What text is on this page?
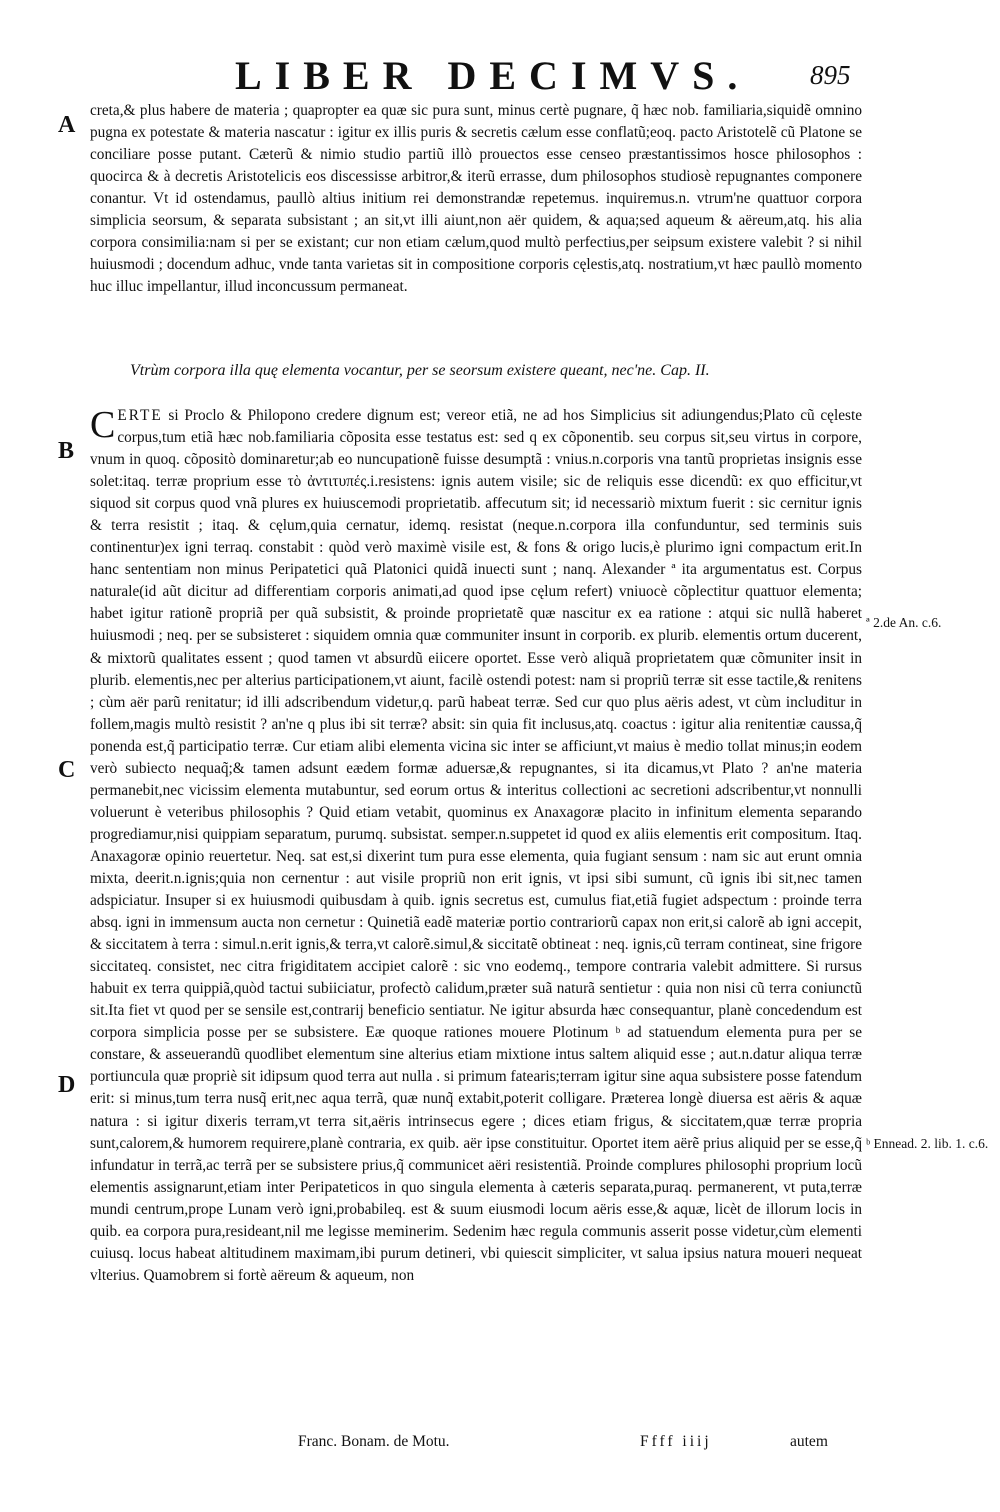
LIBER DECIMVS. 895
A
B
C
D

creta,& plus habere de materia ; quapropter ea quæ sic pura sunt, minus certè pugnare, q̃ hæc nob. familiaria,siquidẽ omnino pugna ex potestate & materia nascatur : igitur ex illis puris & secretis cælum esse conflatũ;eoq. pacto Aristotelẽ cũ Platone se conciliare posse putant. Cæterũ & nimio studio partiũ illò prouectos esse censeo præstantissimos hosce philosophos : quocirca & à decretis Aristotelicis eos discessisse arbitror,& iterũ errasse, dum philosophos studiosè repugnantes componere conantur. Vt id ostendamus, paullò altius initium rei demonstrandæ repetemus. inquiremus.n. vtrum'ne quattuor corpora simplicia seorsum, & separata subsistant ; an sit,vt illi aiunt,non aër quidem, & aqua;sed aqueum & aëreum,atq. his alia corpora consimilia:nam si per se existant; cur non etiam cælum,quod multò perfectius,per seipsum existere valebit ? si nihil huiusmodi ; docendum adhuc, vnde tanta varietas sit in compositione corporis cęlestis,atq. nostratium,vt hæc paullò momento huc illuc impellantur, illud inconcussum permaneat.

Vtrùm corpora illa quę elementa vocantur, per se seorsum existere queant, nec'ne. Cap. II.
C ERTE si Proclo & Philopono credere dignum est; vereor etiã, ne ad hos Simplicius sit adiungendus;Plato cũ cęleste corpus,tum etiã hæc nob.familiaria cõposita esse testatus est: sed q ex cõponentib. seu corpus sit,seu virtus in corpore, vnum in quoq. cõpositò dominaretur;ab eo nuncupationẽ fuisse desumptã : vnius.n.corporis vna tantũ proprietas insignis esse solet:itaq. terræ proprium esse τὸ ἀντιτυπές.i.resistens: ignis autem visile; sic de reliquis esse dicendũ: ex quo efficitur,vt siquod sit corpus quod vnã plures ex huiuscemodi proprietatib. affecutum sit; id necessariò mixtum fuerit : sic cernitur ignis & terra resistit ; itaq. & cęlum,quia cernatur, idemq. resistat (neque.n.corpora illa confunduntur, sed terminis suis continentur)ex igni terraq. constabit : quòd verò maximè visile est, & fons & origo lucis,è plurimo igni compactum erit.In hanc sententiam non minus Peripatetici quã Platonici quidã inuecti sunt ; nanq. Alexander ª ita argumentatus est. Corpus naturale(id aũt dicitur ad differentiam corporis animati,ad quod ipse cęlum refert) vniuocè cõplectitur quattuor elementa; habet igitur rationẽ propriã per quã subsistit, & proinde proprietatẽ quæ nascitur ex ea ratione : atqui sic nullã haberet huiusmodi ; neq. per se subsisteret : siquidem omnia quæ communiter insunt in corporib. ex plurib. elementis ortum ducerent, & mixtorũ qualitates essent ; quod tamen vt absurdũ eiicere oportet. Esse verò aliquã proprietatem quæ cõmuniter insit in plurib. elementis,nec per alterius participationem,vt aiunt, facilè ostendi potest: nam si propriũ terræ sit esse tactile,& renitens ; cùm aër parũ renitatur; id illi adscribendum videtur,q. parũ habeat terræ. Sed cur quo plus aëris adest, vt cùm includitur in follem,magis multò resistit ? an'ne q plus ibi sit terræ? absit: sin quia fit inclusus,atq. coactus : igitur alia renitentiæ caussa,q̃ ponenda est,q̃ participatio terræ. Cur etiam alibi elementa vicina sic inter se afficiunt,vt maius è medio tollat minus;in eodem verò subiecto nequaq̃;& tamen adsunt eædem formæ aduersæ,& repugnantes, si ita dicamus,vt Plato ? an'ne materia permanebit,nec vicissim elementa mutabuntur, sed eorum ortus & interitus collectioni ac secretioni adscribentur,vt nonnulli voluerunt è veteribus philosophis ? Quid etiam vetabit, quominus ex Anaxagoræ placito in infinitum elementa separando progrediamur,nisi quippiam separatum, purumq. subsistat. semper.n.suppetet id quod ex aliis elementis erit compositum. Itaq. Anaxagoræ opinio reuertetur. Neq. sat est,si dixerint tum pura esse elementa, quia fugiant sensum : nam sic aut erunt omnia mixta, deerit.n.ignis;quia non cernentur : aut visile propriũ non erit ignis, vt ipsi sibi sumunt, cũ ignis ibi sit,nec tamen adspiciatur. Insuper si ex huiusmodi quibusdam à quib. ignis secretus est, cumulus fiat,etiã fugiet adspectum : proinde terra absq. igni in immensum aucta non cernetur : Quinetiã eadẽ materiæ portio contrariorũ capax non erit,si calorẽ ab igni accepit, & siccitatem à terra : simul.n.erit ignis,& terra,vt calorẽ.simul,& siccitatẽ obtineat : neq. ignis,cũ terram contineat, sine frigore siccitateq. consistet, nec citra frigiditatem accipiet calorẽ : sic vno eodemq., tempore contraria valebit admittere. Si rursus habuit ex terra quippiã,quòd tactui subiiciatur, profectò calidum,præter suã naturã sentietur : quia non nisi cũ terra coniunctũ sit.Ita fiet vt quod per se sensile est,contrarij beneficio sentiatur. Ne igitur absurda hæc consequantur, planè concedendum est corpora simplicia posse per se subsistere. Eæ quoque rationes mouere Plotinum ᵇ ad statuendum elementa pura per se constare, & asseuerandũ quodlibet elementum sine alterius etiam mixtione intus saltem aliquid esse ; aut.n.datur aliqua terræ portiuncula quæ propriè sit idipsum quod terra aut nulla . si primum fatearis;terram igitur sine aqua subsistere posse fatendum erit: si minus,tum terra nusq̃ erit,nec aqua terrã, quæ nunq̃ extabit,poterit colligare. Præterea longè diuersa est aëris & aquæ natura : si igitur dixeris terram,vt terra sit,aëris intrinsecus egere ; dices etiam frigus, & siccitatem,quæ terræ propria sunt,calorem,& humorem requirere,planè contraria, ex quib. aër ipse constituitur. Oportet item aërẽ prius aliquid per se esse,q̃ infundatur in terrã,ac terrã per se subsistere prius,q̃ communicet aëri resistentiã. Proinde complures philosophi proprium locũ elementis assignarunt,etiam inter Peripateticos in quo singula elementa à cæteris separata,puraq. permanerent, vt puta,terræ mundi centrum,prope Lunam verò igni,probabileq. est & suum eiusmodi locum aëris esse,& aquæ, licèt de illorum locis in quib. ea corpora pura,resideant,nil me legisse meminerim. Sedenim hæc regula communis asserit posse videtur,cùm elementi cuiusq. locus habeat altitudinem maximam,ibi purum detineri, vbi quiescit simpliciter, vt salua ipsius natura moueri nequeat vlterius. Quamobrem si fortè aëreum & aqueum, non
ª 2.de An. c.6.
ᵇ Ennead. 2. lib. 1. c.6.
Franc. Bonam. de Motu.	Ffff iiij	autem
